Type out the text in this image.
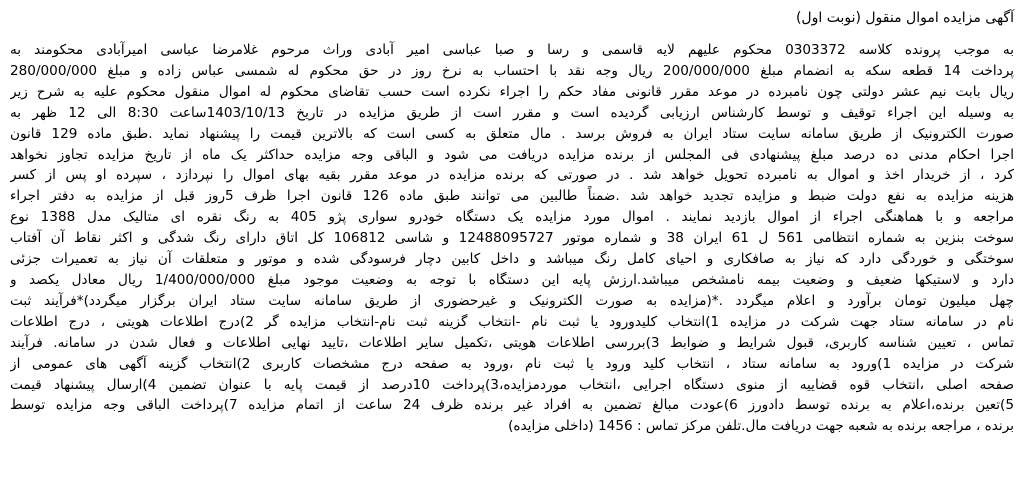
آگهی مزایده اموال منقول (نوبت اول)

به موجب پرونده کلاسه 0303372 محکوم علیهم لایه قاسمی و رسا و صبا عباسی امیر آبادی وراث مرحوم غلامرضا عباسی امیرآبادی محکومند به
پرداخت 14 قطعه سکه به انضمام مبلغ 200/000/000 ریال وجه نقد با احتساب به نرخ روز در حق محکوم له شمسی عباس زاده و مبلغ 280/000/000
ریال بابت نیم عشر دولتی چون نامبرده در موعد مقرر قانونی مفاد حکم را اجراء نکرده است حسب تقاضای محکوم له اموال منقول محکوم علیه به شرح زیر
به وسیله این اجراء توقیف و توسط کارشناس ارزیابی گردیده است و مقرر است از طریق مزایده در تاریخ 1403/10/13ساعت 8:30 الی 12 ظهر به
صورت الکترونیک از طریق سامانه سایت ستاد ایران به فروش برسد . مال متعلق به کسی است که بالاترین قیمت را پیشنهاد نماید .طبق ماده 129 قانون
اجرا احکام مدنی ده درصد مبلغ پیشنهادی فی المجلس از برنده مزایده دریافت می شود و الباقی وجه مزایده حداکثر یک ماه از تاریخ مزایده تجاوز نخواهد
کرد ، از خریدار اخذ و اموال به نامبرده تحویل خواهد شد . در صورتی که برنده مزایده در موعد مقرر بقیه بهای اموال را نپردازد ، سپرده او پس از کسر
هزینه مزایده به نفع دولت ضبط و مزایده تجدید خواهد شد .ضمناً طالبین می توانند طبق ماده 126 قانون اجرا ظرف 5روز قبل از مزایده به دفتر اجراء
مراجعه و با هماهنگی اجراء از اموال بازدید نمایند . اموال مورد مزایده یک دستگاه خودرو سواری پژو 405 به رنگ نقره ای متالیک مدل 1388 نوع
سوخت بنزین به شماره انتظامی 561 ل 61 ایران 38 و شماره موتور 12488095727 و شاسی 106812 کل اتاق دارای رنگ شدگی و اکثر نقاط آن آفتاب
سوختگی و خوردگی دارد که نیاز به صافکاری و احیای کامل رنگ میباشد و داخل کابین دچار فرسودگی شده و موتور و متعلقات آن نیاز به تعمیرات جزئی
دارد و لاستیکها ضعیف و وضعیت بیمه نامشخص میباشد.ارزش پایه این دستگاه با توجه به وضعیت موجود مبلغ 1/400/000/000 ریال معادل یکصد و
چهل میلیون تومان برآورد و اعلام میگردد .*(مزایده به صورت الکترونیک و غیرحضوری از طریق سامانه سایت ستاد ایران برگزار میگردد)*فرآیند ثبت
نام در سامانه ستاد جهت شرکت در مزایده 1)انتخاب کلیدورود یا ثبت نام -انتخاب گزینه ثبت نام-انتخاب مزایده گر 2)درج اطلاعات هویتی ، درج اطلاعات
تماس ، تعیین شناسه کاربری، قبول شرایط و ضوابط 3)بررسی اطلاعات هویتی ،تکمیل سایر اطلاعات ،تایید نهایی اطلاعات و فعال شدن در سامانه. فرآیند
شرکت در مزایده 1)ورود به سامانه ستاد ، انتخاب کلید ورود یا ثبت نام ،ورود به صفحه درج مشخصات کاربری 2)انتخاب گزینه آگهی های عمومی از
صفحه اصلی ،انتخاب قوه قضاییه از منوی دستگاه اجرایی ،انتخاب موردمزایده،3)پرداخت 10درصد از قیمت پایه با عنوان تضمین 4)ارسال پیشنهاد قیمت
5)تعین برنده،اعلام به برنده توسط دادورز 6)عودت مبالغ تضمین به افراد غیر برنده ظرف 24 ساعت از اتمام مزایده 7)پرداخت الباقی وجه مزایده توسط
برنده ، مراجعه برنده به شعبه جهت دریافت مال.تلفن مرکز تماس : 1456 (داخلی مزایده)
